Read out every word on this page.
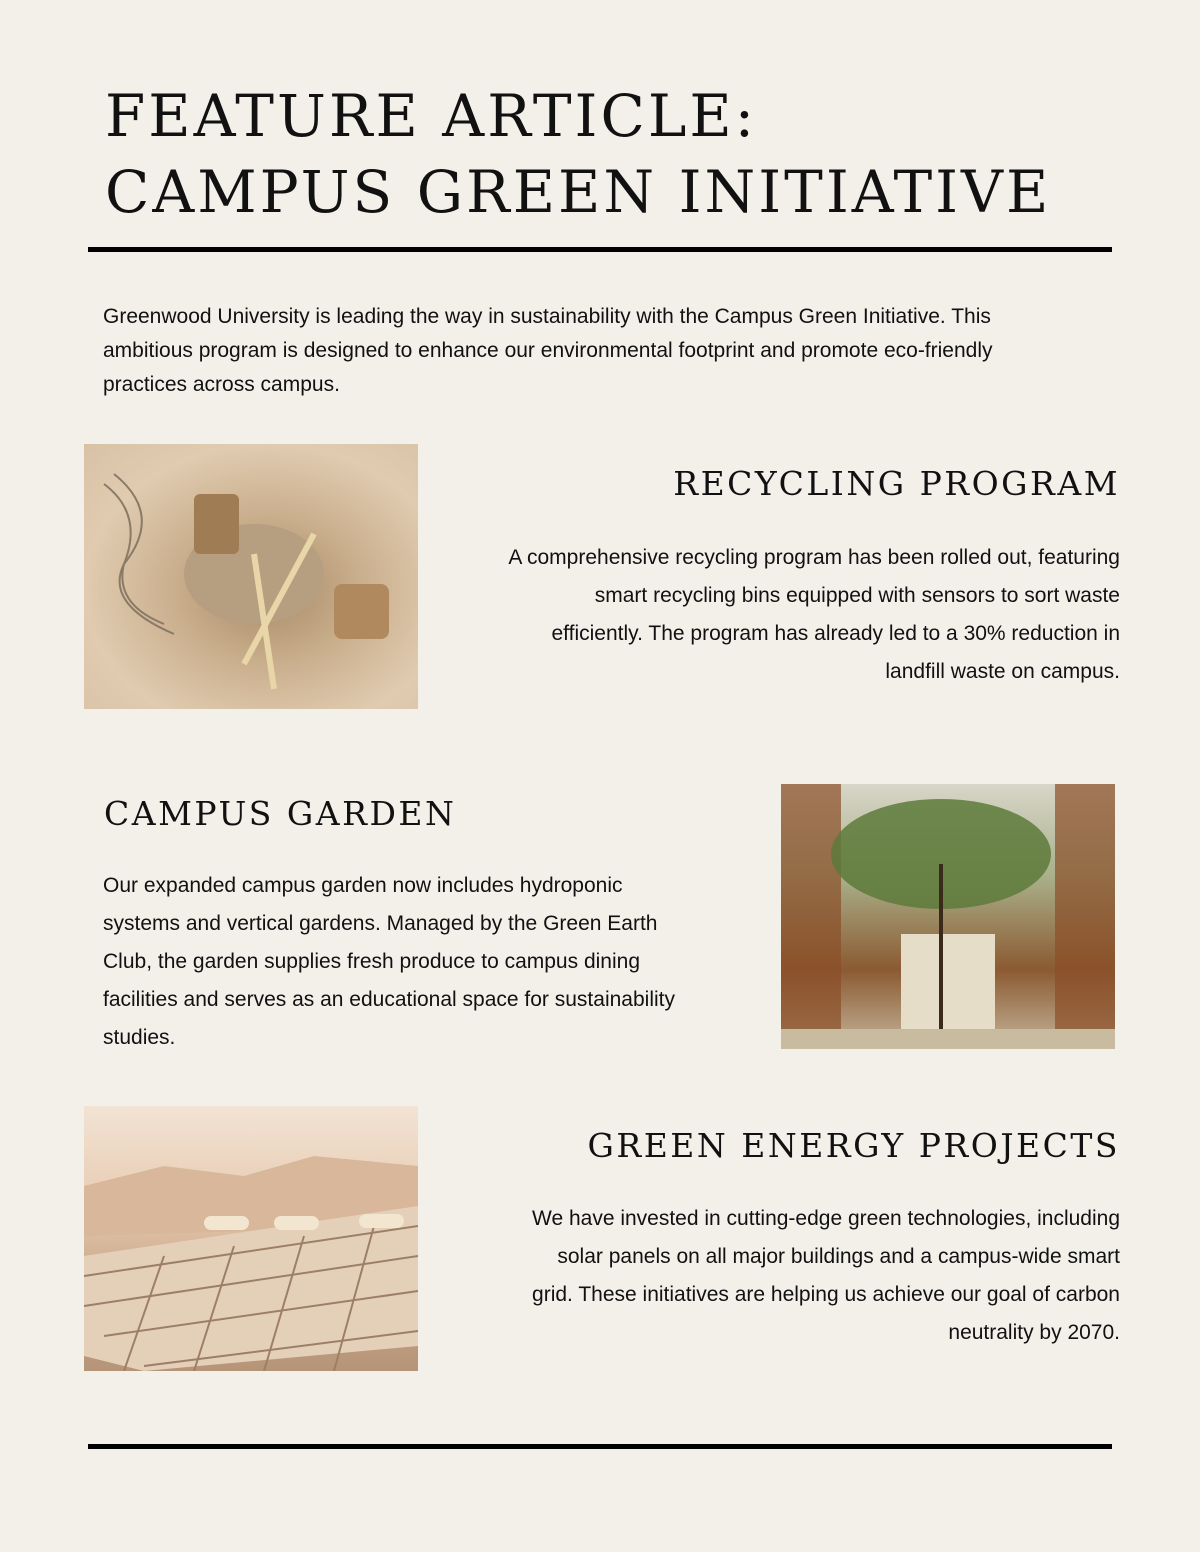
FEATURE ARTICLE:
CAMPUS GREEN INITIATIVE

Greenwood University is leading the way in sustainability with the Campus Green Initiative. This ambitious program is designed to enhance our environmental footprint and promote eco-friendly practices across campus.

RECYCLING PROGRAM

A comprehensive recycling program has been rolled out, featuring smart recycling bins equipped with sensors to sort waste efficiently. The program has already led to a 30% reduction in landfill waste on campus.

CAMPUS GARDEN

Our expanded campus garden now includes hydroponic systems and vertical gardens. Managed by the Green Earth Club, the garden supplies fresh produce to campus dining facilities and serves as an educational space for sustainability studies.

GREEN ENERGY PROJECTS

We have invested in cutting-edge green technologies, including solar panels on all major buildings and a campus-wide smart grid. These initiatives are helping us achieve our goal of carbon neutrality by 2070.
